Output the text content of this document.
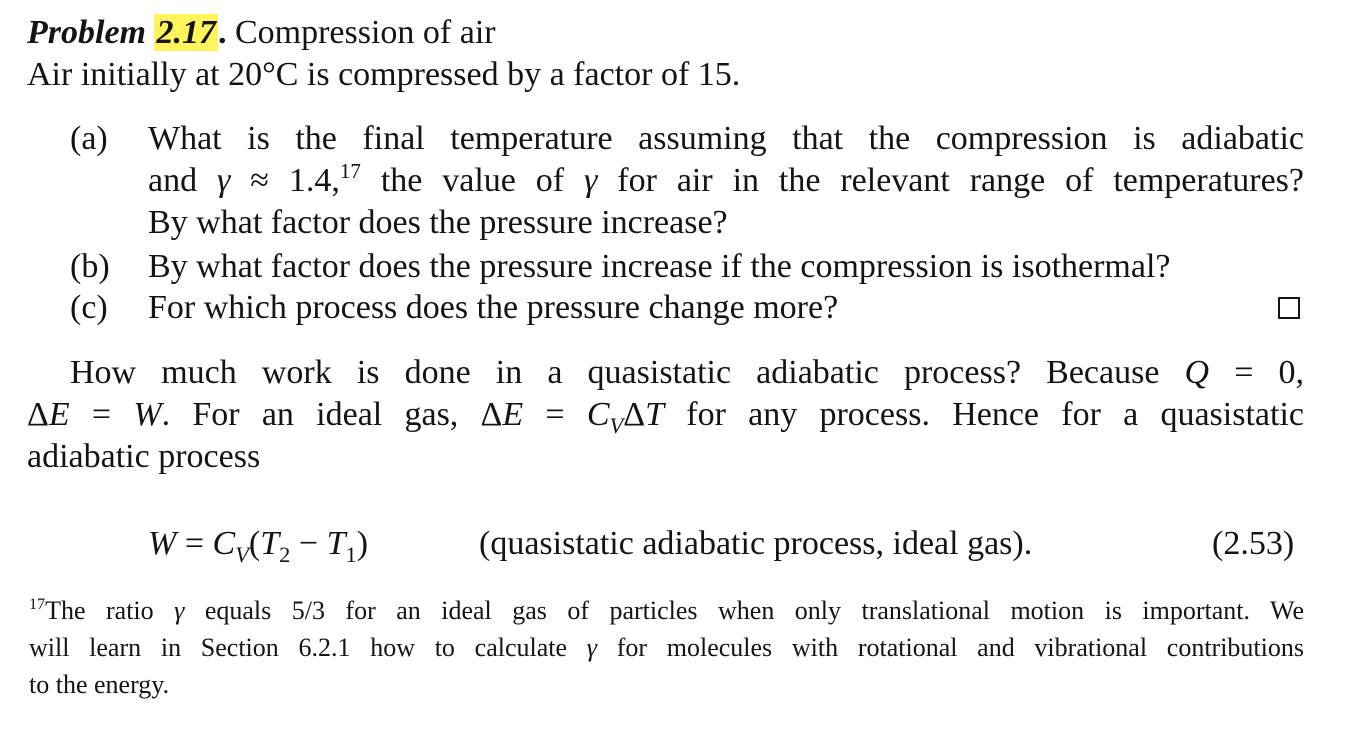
Problem 2.17. Compression of air
Air initially at 20°C is compressed by a factor of 15.
(a) What is the final temperature assuming that the compression is adiabatic
and γ ≈ 1.4,17 the value of γ for air in the relevant range of temperatures?
By what factor does the pressure increase?
(b) By what factor does the pressure increase if the compression is isothermal?
(c) For which process does the pressure change more?
How much work is done in a quasistatic adiabatic process? Because Q = 0,
ΔE = W. For an ideal gas, $\Delta E = C_V\Delta T$ for any process. Hence for a quasistatic
adiabatic process
$W = C_V(T_2 - T_1)$	(quasistatic adiabatic process, ideal gas).	(2.53)
$^{17}$The ratio γ equals 5/3 for an ideal gas of particles when only translational motion is important. We
will learn in Section 6.2.1 how to calculate γ for molecules with rotational and vibrational contributions
to the energy.
